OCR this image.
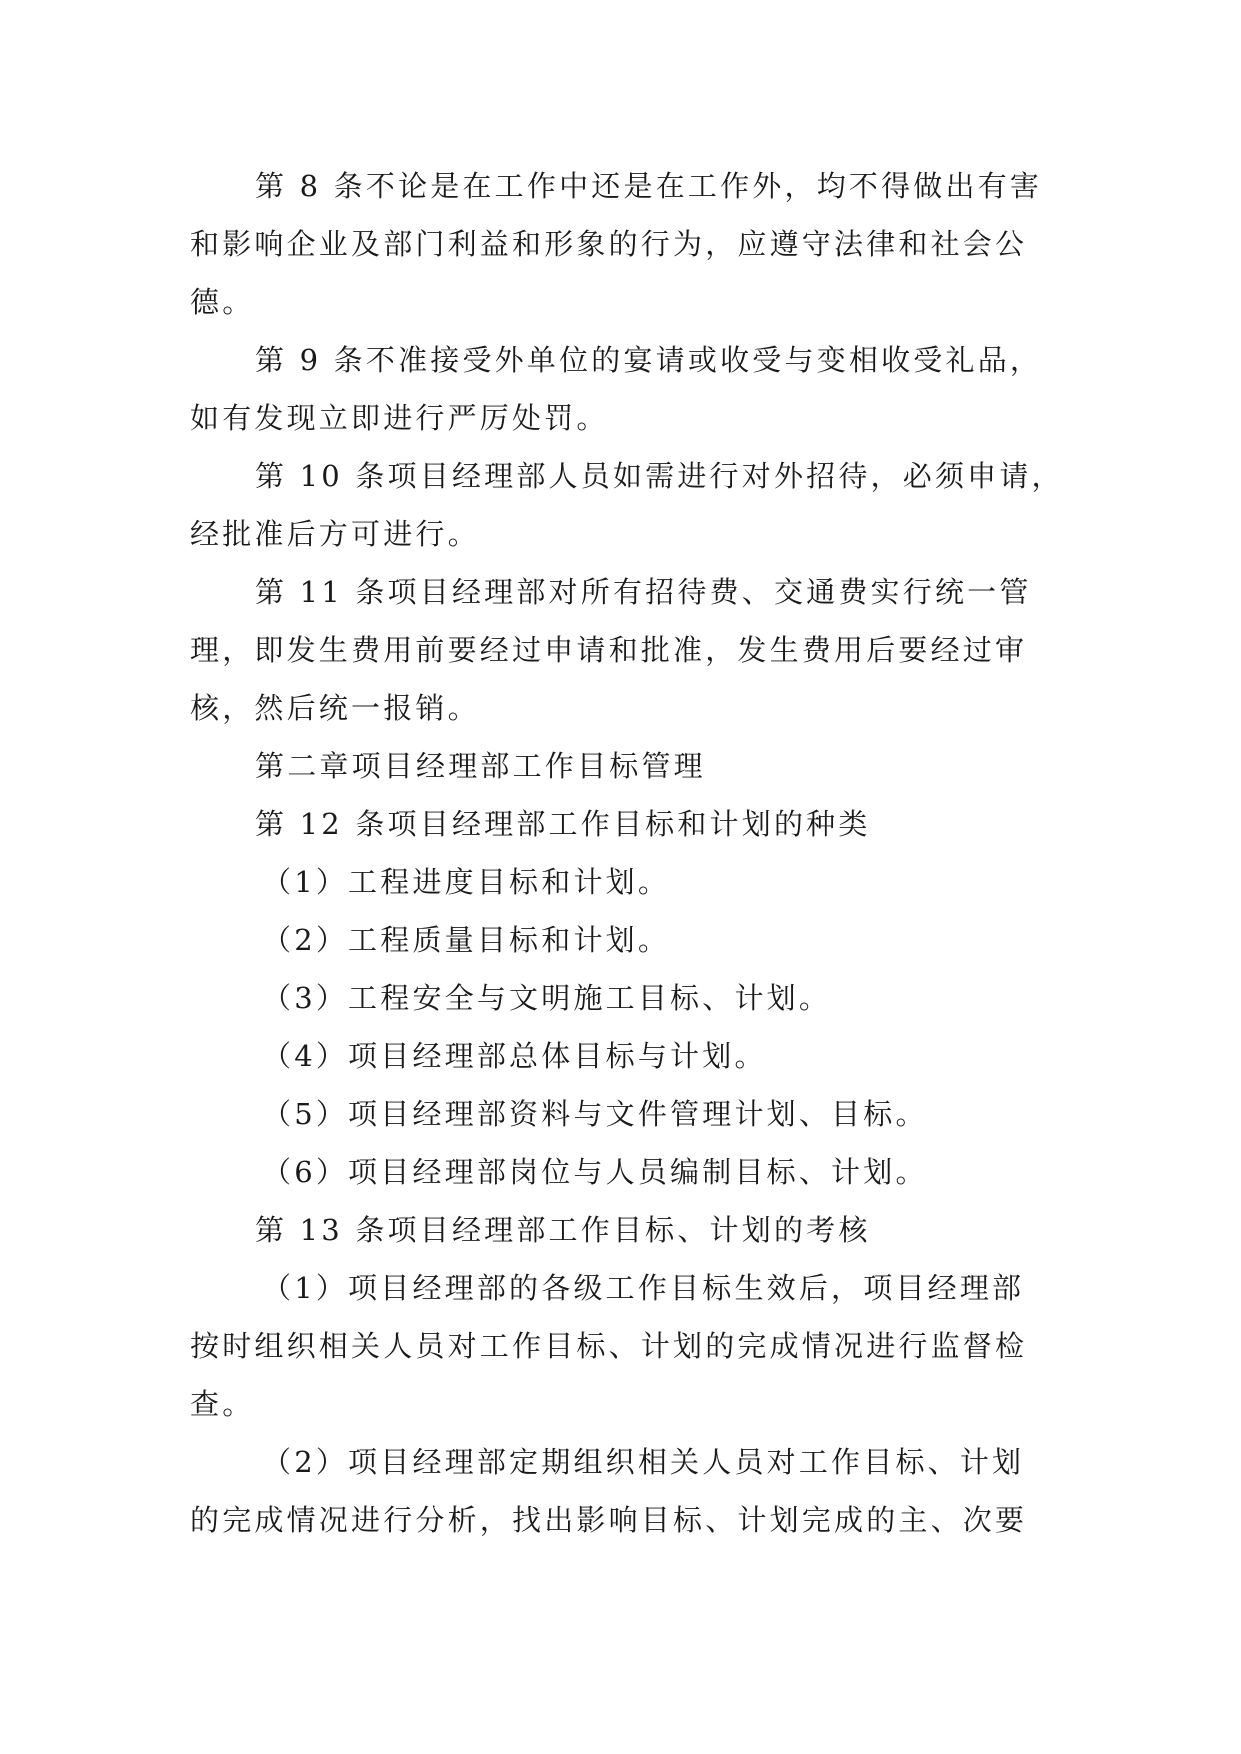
第 8 条不论是在工作中还是在工作外，均不得做出有害
和影响企业及部门利益和形象的行为，应遵守法律和社会公
德。
第 9 条不准接受外单位的宴请或收受与变相收受礼品，
如有发现立即进行严厉处罚。
第 10 条项目经理部人员如需进行对外招待，必须申请，
经批准后方可进行。
第 11 条项目经理部对所有招待费、交通费实行统一管
理，即发生费用前要经过申请和批准，发生费用后要经过审
核，然后统一报销。
第二章项目经理部工作目标管理
第 12 条项目经理部工作目标和计划的种类
（1）工程进度目标和计划。
（2）工程质量目标和计划。
（3）工程安全与文明施工目标、计划。
（4）项目经理部总体目标与计划。
（5）项目经理部资料与文件管理计划、目标。
（6）项目经理部岗位与人员编制目标、计划。
第 13 条项目经理部工作目标、计划的考核
（1）项目经理部的各级工作目标生效后，项目经理部
按时组织相关人员对工作目标、计划的完成情况进行监督检
查。
（2）项目经理部定期组织相关人员对工作目标、计划
的完成情况进行分析，找出影响目标、计划完成的主、次要
